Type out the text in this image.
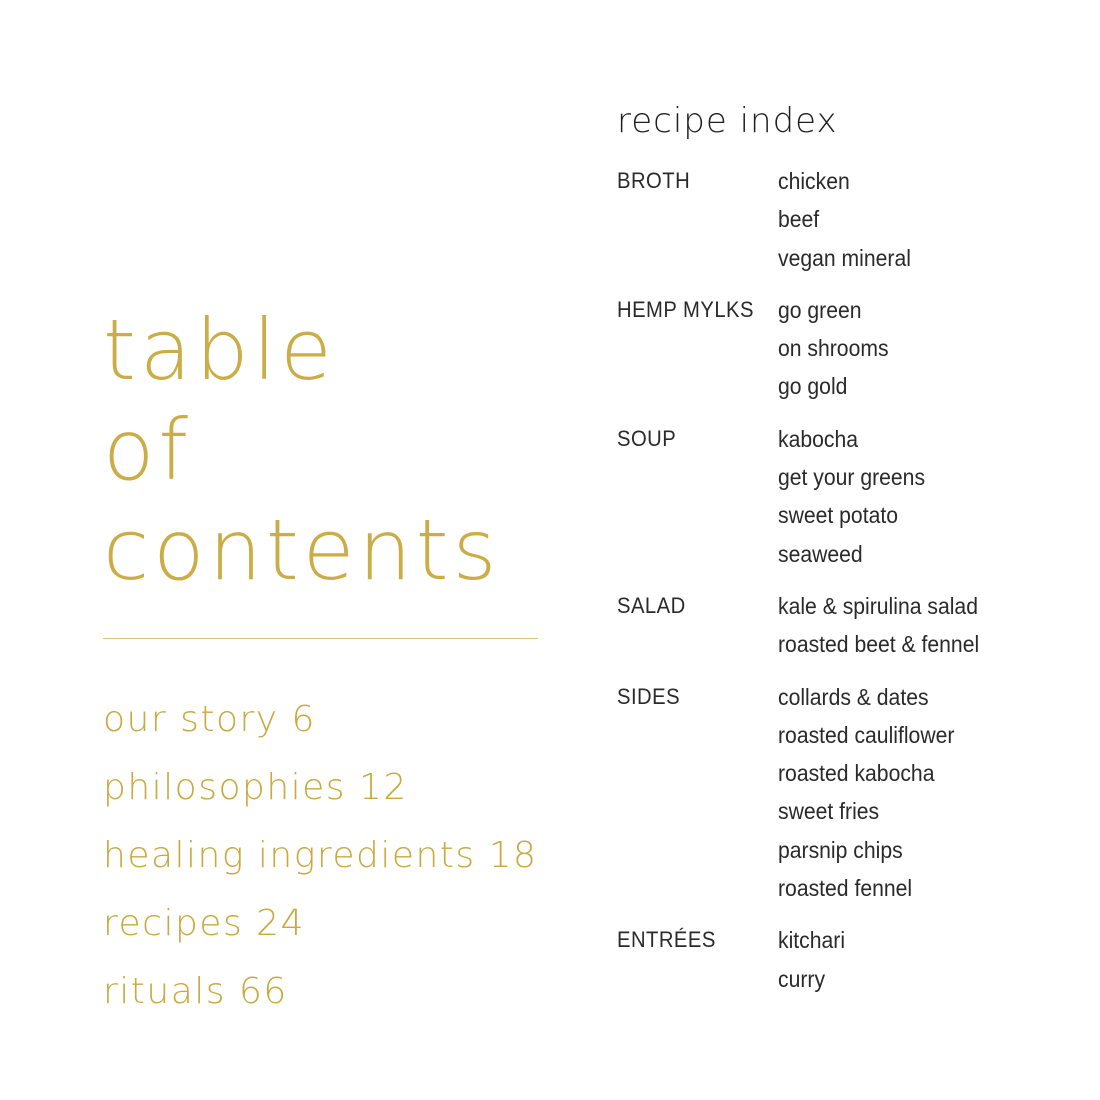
table
of
contents
our story 6
philosophies 12
healing ingredients 18
recipes 24
rituals 66
recipe index
BROTH	chicken
beef
vegan mineral
HEMP MYLKS	go green
on shrooms
go gold
SOUP	kabocha
get your greens
sweet potato
seaweed
SALAD	kale & spirulina salad
roasted beet & fennel
SIDES	collards & dates
roasted cauliflower
roasted kabocha
sweet fries
parsnip chips
roasted fennel
ENTRÉES	kitchari
curry
